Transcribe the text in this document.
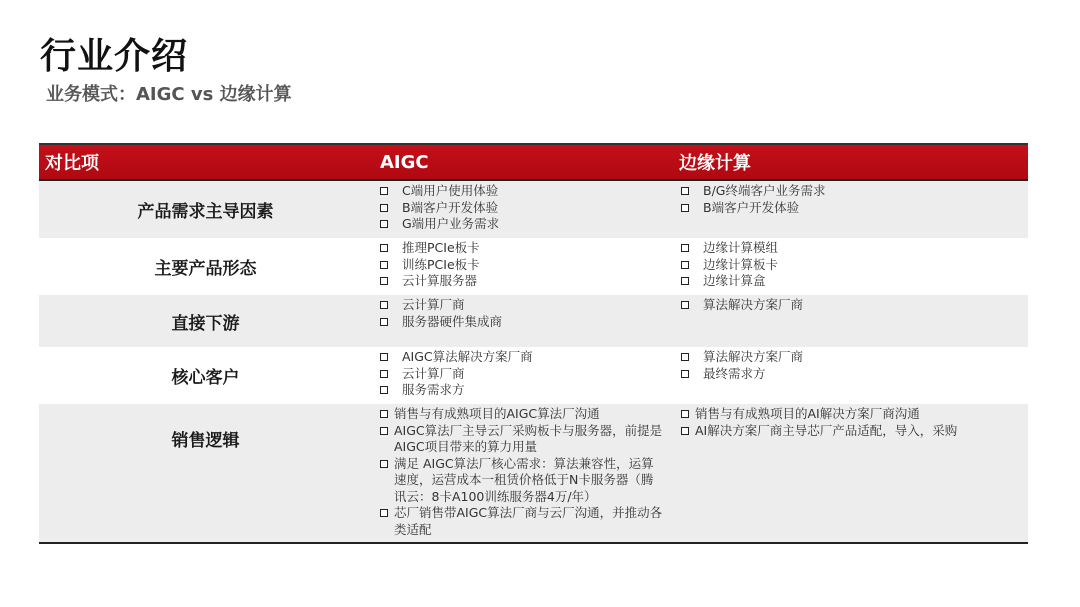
行业介绍
业务模式：AIGC vs 边缘计算
对比项	AIGC	边缘计算
产品需求主导因素
C端用户使用体验
B端客户开发体验
G端用户业务需求
B/G终端客户业务需求
B端客户开发体验
主要产品形态
推理PCIe板卡
训练PCIe板卡
云计算服务器
边缘计算模组
边缘计算板卡
边缘计算盒
直接下游
云计算厂商
服务器硬件集成商
算法解决方案厂商
核心客户
AIGC算法解决方案厂商
云计算厂商
服务需求方
算法解决方案厂商
最终需求方
销售逻辑
销售与有成熟项目的AIGC算法厂沟通
AIGC算法厂主导云厂采购板卡与服务器，前提是AIGC项目带来的算力用量
满足 AIGC算法厂核心需求：算法兼容性，运算速度，运营成本一租赁价格低于N卡服务器（腾讯云：8卡A100训练服务器4万/年）
芯厂销售带AIGC算法厂商与云厂沟通，并推动各类适配
销售与有成熟项目的AI解决方案厂商沟通
AI解决方案厂商主导芯厂产品适配，导入，采购
